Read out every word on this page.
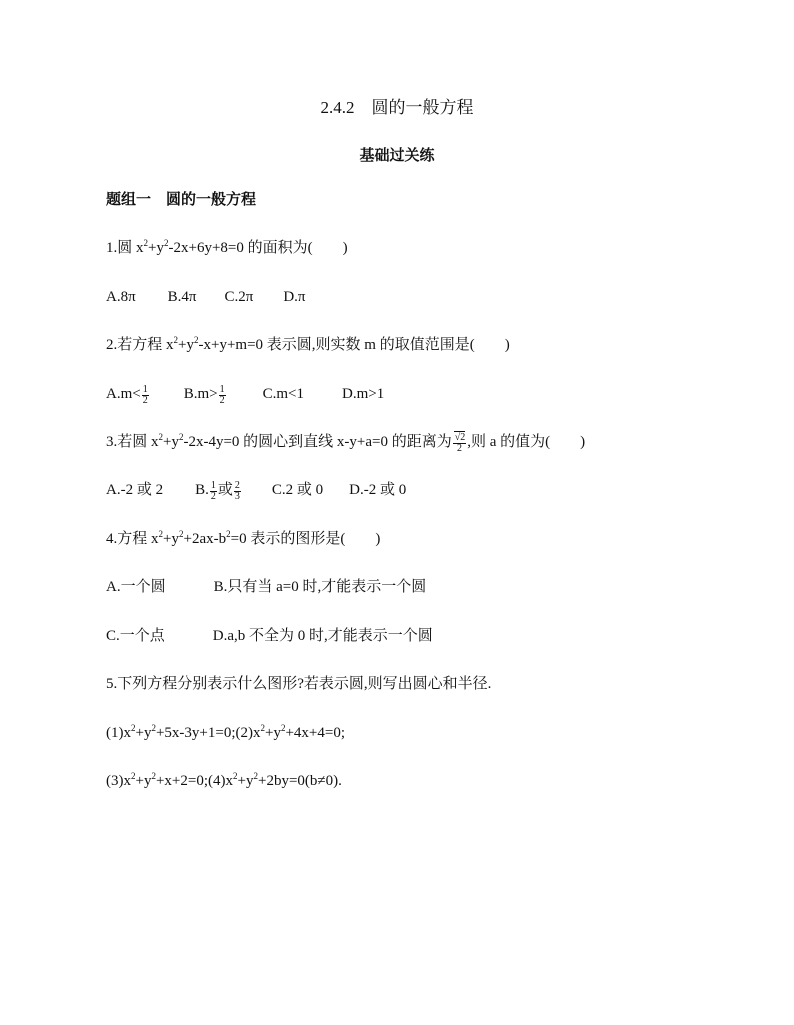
2.4.2　圆的一般方程
基础过关练
题组一　圆的一般方程
1.圆 $x^2+y^2-2x+6y+8=0$ 的面积为(　　)
A.8π B.4π C.2π D.π
2.若方程 $x^2+y^2-x+y+m=0$ 表示圆,则实数 m 的取值范围是(　　)
$A.m< \frac{1}{2} B.m> \frac{1}{2} C.m<1$	D.m>1
3.若圆 $x^2+y^2-2x-4y=0$ 的圆心到直线 x-y+a=0 的距离为 $\frac{√2}{2}$ ,则 a 的值为(　　)
A.-2 或 2 B. $\frac{1}{2}$ 或 $\frac{2}{3} C.2$ 或 0 D.-2 或 0
4.方程 $x^2+y^2+2ax-b^2=0$ 表示的图形是(　　)
A.一个圆	B.只有当 a=0 时,才能表示一个圆
C.一个点	D.a,b 不全为 0 时,才能表示一个圆
5.下列方程分别表示什么图形?若表示圆,则写出圆心和半径.
$(1)x^2+y^2+5x-3y+1=0;(2)x^2+y^2+4x+4=0$;
$(3)x^2+y^2+x+2=0;(4)x^2+y^2+2by=0(b\ne 0)$.
